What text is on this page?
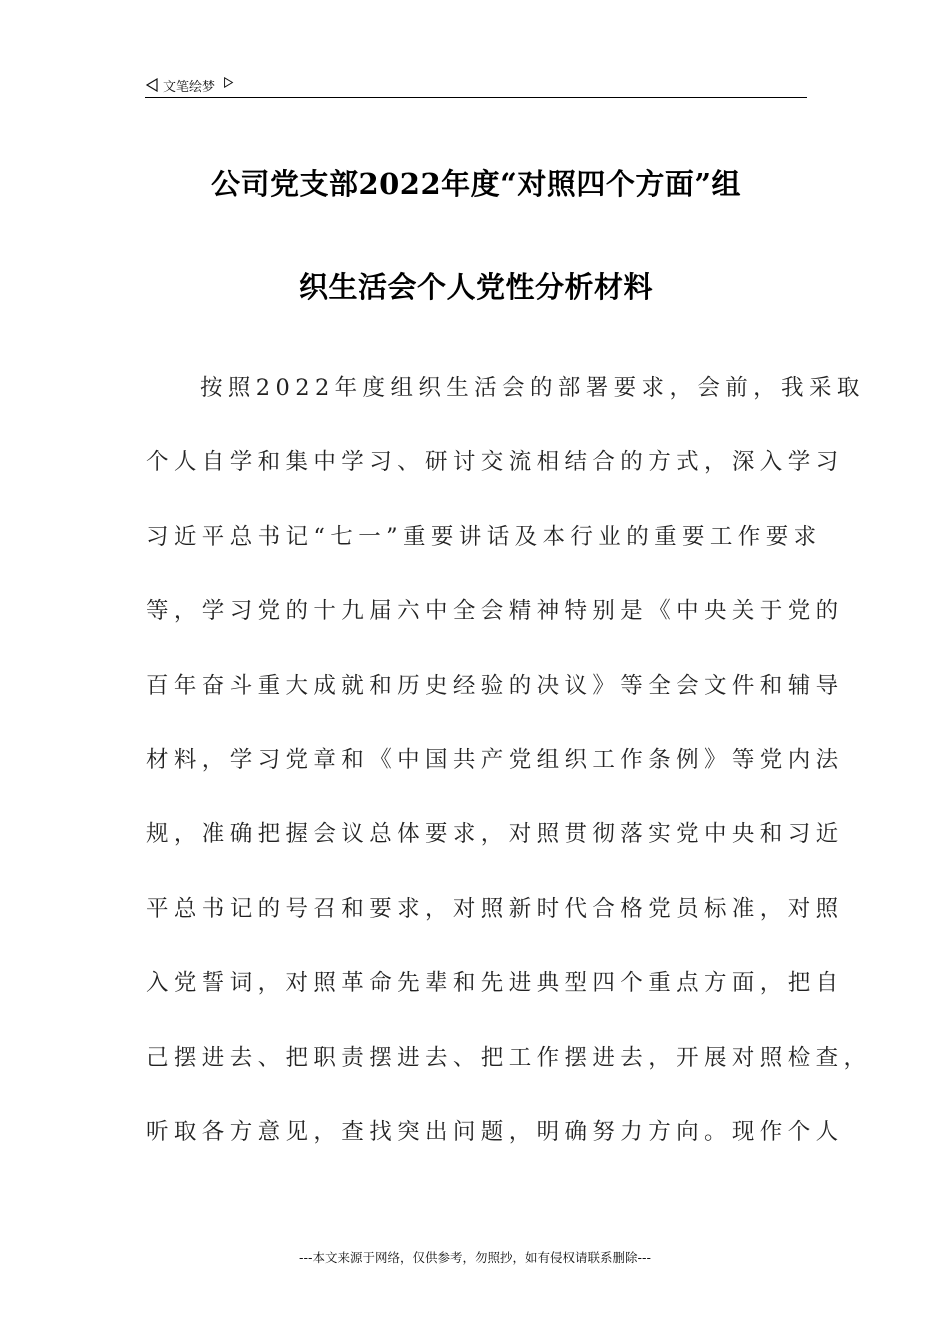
文笔绘梦
公司党支部2022年度“对照四个方面”组
织生活会个人党性分析材料
按照2022年度组织生活会的部署要求，会前，我采取
个人自学和集中学习、研讨交流相结合的方式，深入学习
习近平总书记“七一”重要讲话及本行业的重要工作要求
等，学习党的十九届六中全会精神特别是《中央关于党的
百年奋斗重大成就和历史经验的决议》等全会文件和辅导
材料，学习党章和《中国共产党组织工作条例》等党内法
规，准确把握会议总体要求，对照贯彻落实党中央和习近
平总书记的号召和要求，对照新时代合格党员标准，对照
入党誓词，对照革命先辈和先进典型四个重点方面，把自
己摆进去、把职责摆进去、把工作摆进去，开展对照检查，
听取各方意见，查找突出问题，明确努力方向。现作个人
---本文来源于网络，仅供参考，勿照抄，如有侵权请联系删除---
